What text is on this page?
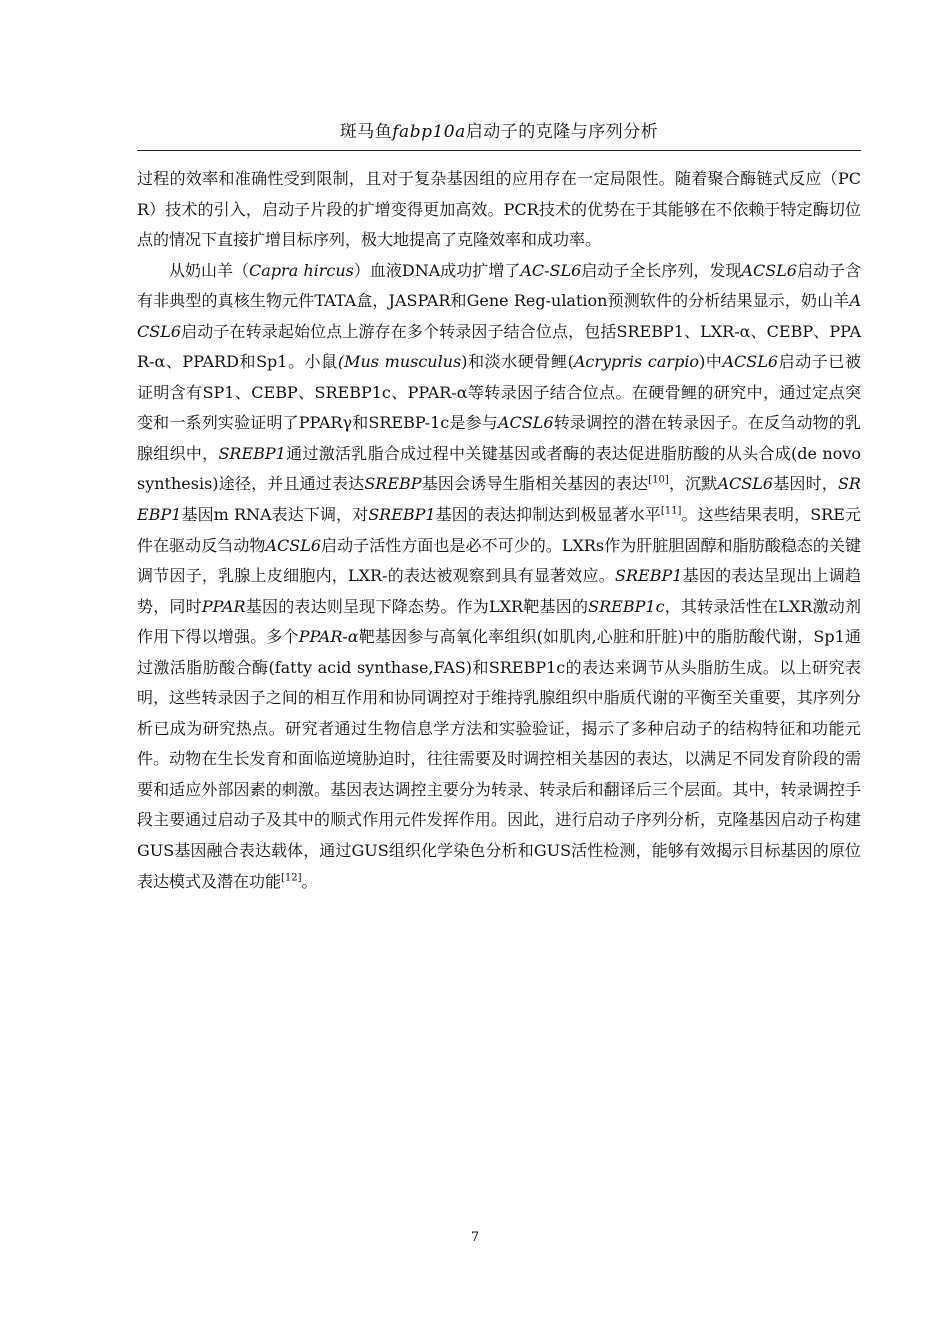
斑马鱼fabp10a启动子的克隆与序列分析

过程的效率和准确性受到限制，且对于复杂基因组的应用存在一定局限性。随着聚合酶链式反应（PCR）技术的引入，启动子片段的扩增变得更加高效。PCR技术的优势在于其能够在不依赖于特定酶切位点的情况下直接扩增目标序列，极大地提高了克隆效率和成功率。

从奶山羊（Capra hircus）血液DNA成功扩增了AC-SL6启动子全长序列，发现ACSL6启动子含有非典型的真核生物元件TATA盒，JASPAR和Gene Reg-ulation预测软件的分析结果显示，奶山羊ACSL6启动子在转录起始位点上游存在多个转录因子结合位点，包括SREBP1、LXR-α、CEBP、PPAR-α、PPARD和Sp1。小鼠(Mus musculus)和淡水硬骨鲤(Acrypris carpio)中ACSL6启动子已被证明含有SP1、CEBP、SREBP1c、PPAR-α等转录因子结合位点。在硬骨鲤的研究中，通过定点突变和一系列实验证明了PPARγ和SREBP-1c是参与ACSL6转录调控的潜在转录因子。在反刍动物的乳腺组织中，SREBP1通过激活乳脂合成过程中关键基因或者酶的表达促进脂肪酸的从头合成(de novo synthesis)途径，并且通过表达SREBP基因会诱导生脂相关基因的表达[10]，沉默ACSL6基因时，SREBP1基因m RNA表达下调，对SREBP1基因的表达抑制达到极显著水平[11]。这些结果表明，SRE元件在驱动反刍动物ACSL6启动子活性方面也是必不可少的。LXRs作为肝脏胆固醇和脂肪酸稳态的关键调节因子，乳腺上皮细胞内，LXR-的表达被观察到具有显著效应。SREBP1基因的表达呈现出上调趋势，同时PPAR基因的表达则呈现下降态势。作为LXR靶基因的SREBP1c，其转录活性在LXR激动剂作用下得以增强。多个PPAR-α靶基因参与高氧化率组织(如肌肉,心脏和肝脏)中的脂肪酸代谢，Sp1通过激活脂肪酸合酶(fatty acid synthase,FAS)和SREBP1c的表达来调节从头脂肪生成。以上研究表明，这些转录因子之间的相互作用和协同调控对于维持乳腺组织中脂质代谢的平衡至关重要，其序列分析已成为研究热点。研究者通过生物信息学方法和实验验证，揭示了多种启动子的结构特征和功能元件。动物在生长发育和面临逆境胁迫时，往往需要及时调控相关基因的表达，以满足不同发育阶段的需要和适应外部因素的刺激。基因表达调控主要分为转录、转录后和翻译后三个层面。其中，转录调控手段主要通过启动子及其中的顺式作用元件发挥作用。因此，进行启动子序列分析，克隆基因启动子构建GUS基因融合表达载体，通过GUS组织化学染色分析和GUS活性检测，能够有效揭示目标基因的原位表达模式及潜在功能[12]。

7
